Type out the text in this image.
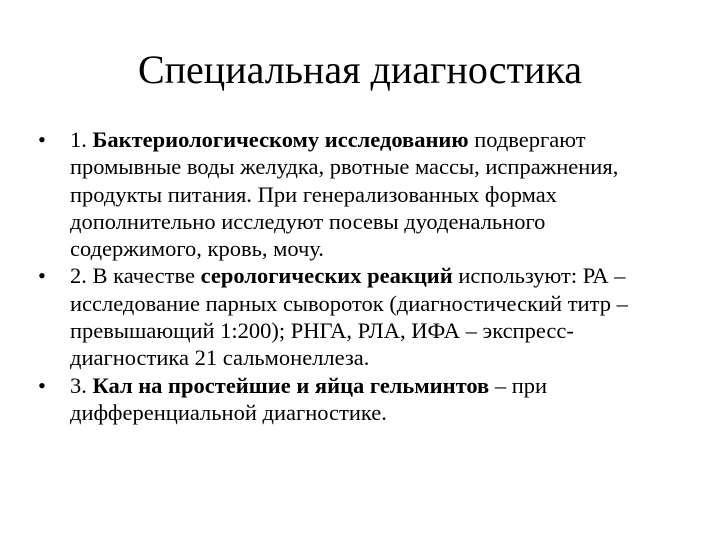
Специальная диагностика
• 1. Бактериологическому исследованию подвергают промывные воды желудка, рвотные массы, испражнения, продукты питания. При генерализованных формах дополнительно исследуют посевы дуоденального содержимого, кровь, мочу.
• 2. В качестве серологических реакций используют: РА – исследование парных сывороток (диагностический титр – превышающий 1:200); РНГА, РЛА, ИФА – экспресс-диагностика 21 сальмонеллеза.
• 3. Кал на простейшие и яйца гельминтов – при дифференциальной диагностике.
